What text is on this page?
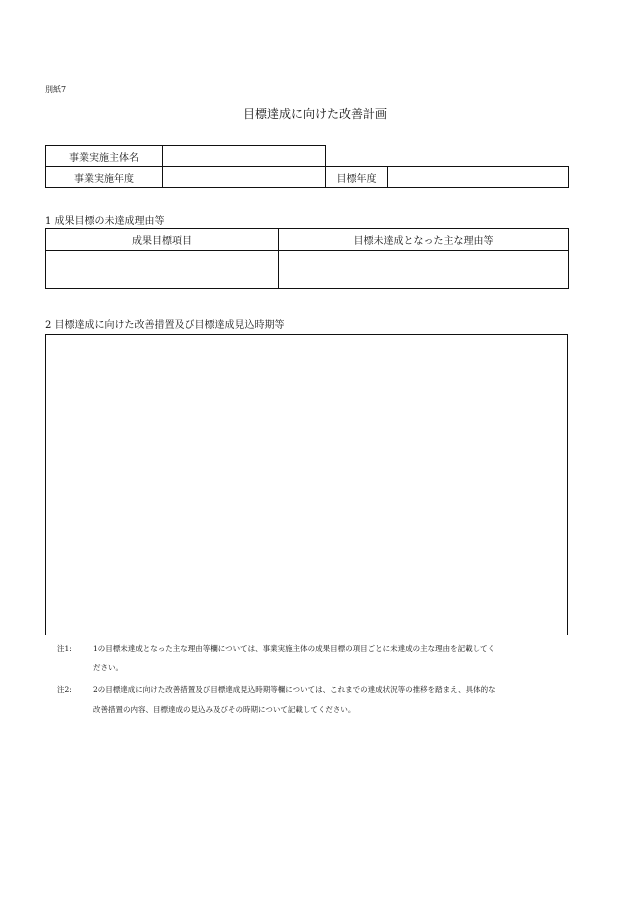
別紙7
目標達成に向けた改善計画
事業実施主体名			
事業実施年度		目標年度	
1 成果目標の未達成理由等
成果目標項目	目標未達成となった主な理由等

2 目標達成に向けた改善措置及び目標達成見込時期等
注1:	1の目標未達成となった主な理由等欄については、事業実施主体の成果目標の項目ごとに未達成の主な理由を記載してく
ださい。
注2:	2の目標達成に向けた改善措置及び目標達成見込時期等欄については、これまでの達成状況等の推移を踏まえ、具体的な
改善措置の内容、目標達成の見込み及びその時期について記載してください。
